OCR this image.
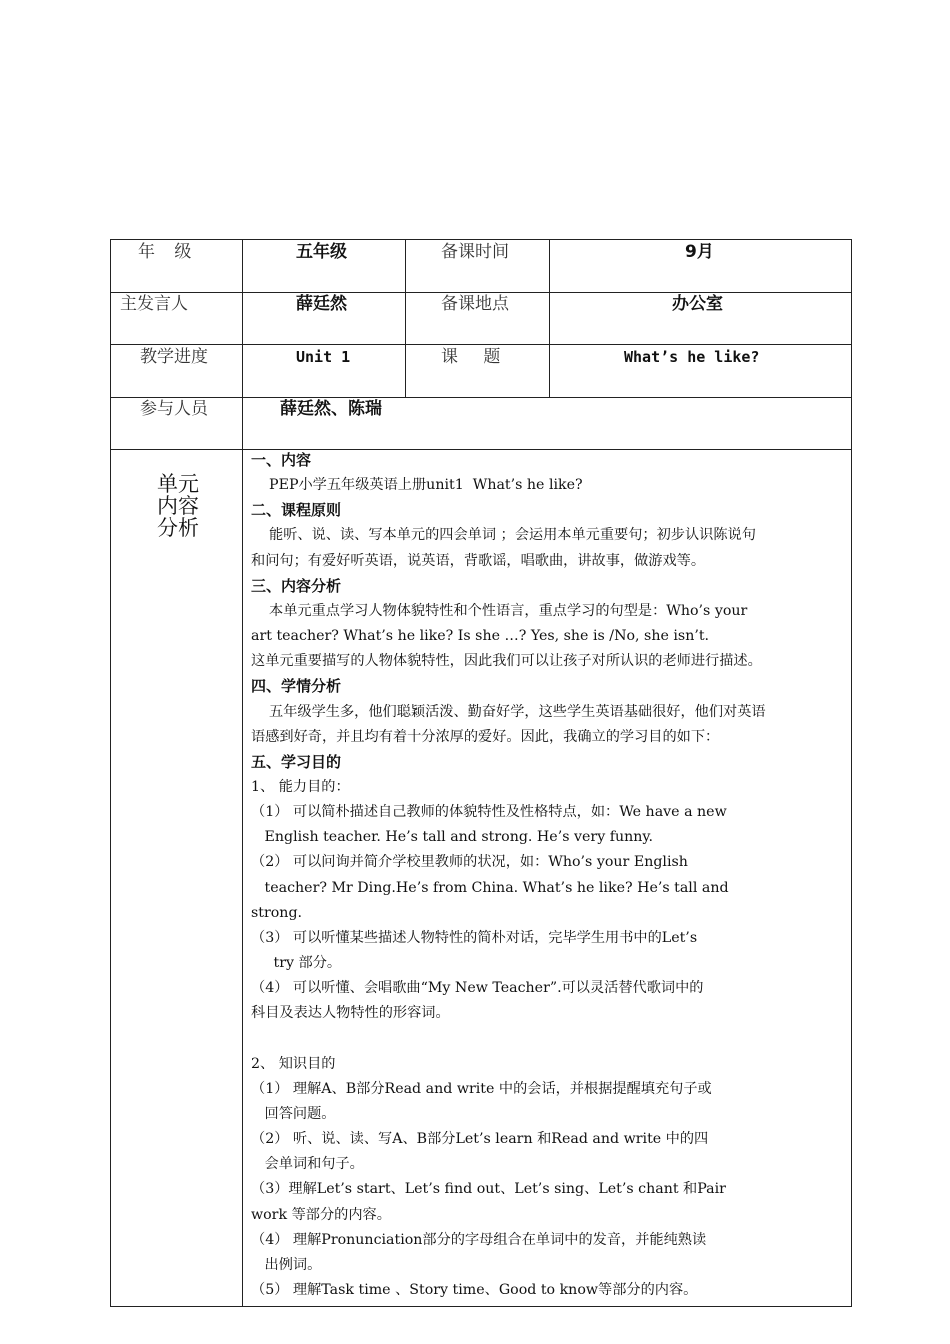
年 级	五年级	备课时间	9月
主发言人	薛廷然	备课地点	办公室
教学进度	Unit 1	课 题	What’s he like?
参与人员	薛廷然、陈瑞
单元
内容
分析
一、内容
PEP小学五年级英语上册unit1  What’s he like?
二、课程原则
能听、说、读、写本单元的四会单词 ；会运用本单元重要句；初步认识陈说句
和问句；有爱好听英语，说英语，背歌谣，唱歌曲，讲故事，做游戏等。
三、内容分析
本单元重点学习人物体貌特性和个性语言，重点学习的句型是：Who’s your
art teacher? What’s he like? Is she …? Yes, she is /No, she isn’t.
这单元重要描写的人物体貌特性，因此我们可以让孩子对所认识的老师进行描述。
四、学情分析
五年级学生多，他们聪颖活泼、勤奋好学，这些学生英语基础很好，他们对英语
语感到好奇，并且均有着十分浓厚的爱好。因此，我确立的学习目的如下：
五、学习目的
1、 能力目的：
（1） 可以简朴描述自己教师的体貌特性及性格特点，如：We have a new
English teacher. He’s tall and strong. He’s very funny.
（2） 可以问询并简介学校里教师的状况，如：Who’s your English
teacher? Mr Ding.He’s from China. What’s he like? He’s tall and
strong.
（3） 可以听懂某些描述人物特性的简朴对话，完毕学生用书中的Let’s
try 部分。
（4） 可以听懂、会唱歌曲“My New Teacher”.可以灵活替代歌词中的
科目及表达人物特性的形容词。
2、 知识目的
（1） 理解A、B部分Read and write 中的会话，并根据提醒填充句子或
回答问题。
（2） 听、说、读、写A、B部分Let’s learn 和Read and write 中的四
会单词和句子。
（3）理解Let’s start、Let’s find out、Let’s sing、Let’s chant 和Pair
work 等部分的内容。
（4） 理解Pronunciation部分的字母组合在单词中的发音，并能纯熟读
出例词。
（5） 理解Task time 、Story time、Good to know等部分的内容。
